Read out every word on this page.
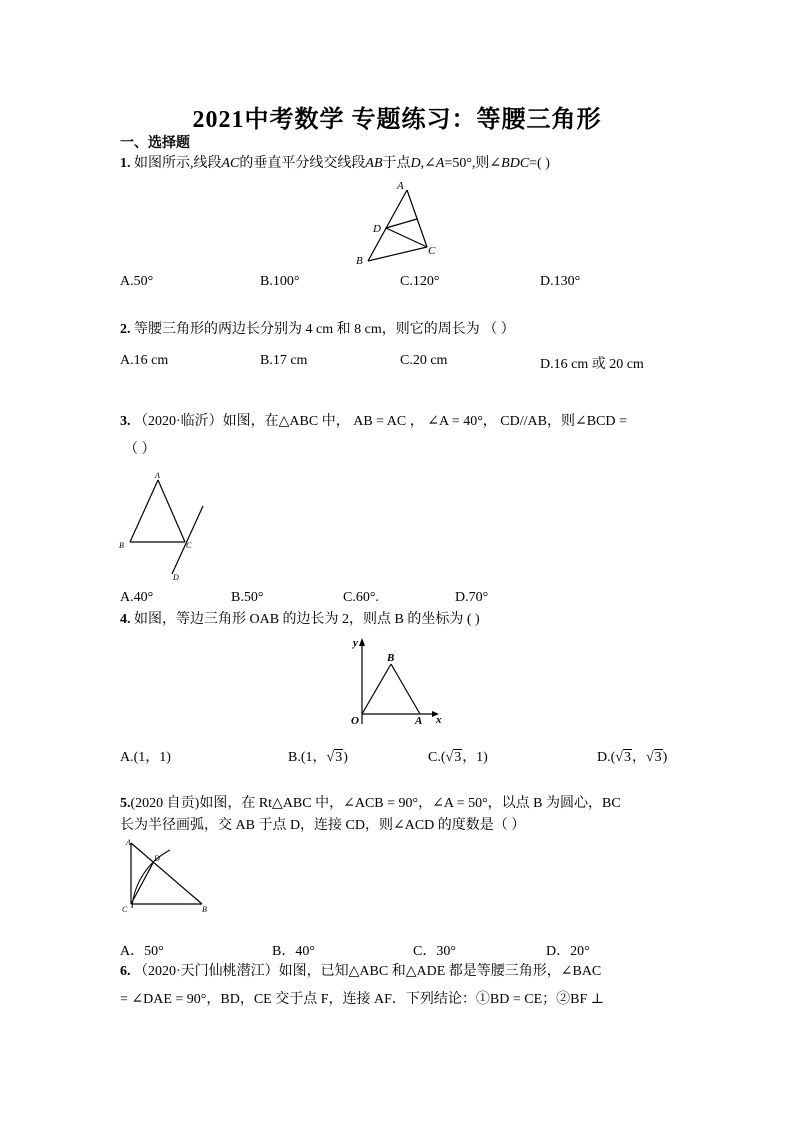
2021中考数学 专题练习：等腰三角形
一、选择题
1. 如图所示,线段AC的垂直平分线交线段AB于点D,∠A=50°,则∠BDC=( )
A
B
C
D
A.50°	B.100°	C.120°	D.130°
2. 等腰三角形的两边长分别为 4 cm 和 8 cm，则它的周长为 （ ）
A.16 cm	B.17 cm	C.20 cm	D.16 cm 或 20 cm
3. （2020·临沂）如图，在△ABC 中， AB = AC ， ∠A = 40°， CD//AB，则∠BCD =
（ ）
A
B	C
D
A.40°	B.50°	C.60°.	D.70°
4. 如图，等边三角形 OAB 的边长为 2，则点 B 的坐标为 ( )
y
B
O	A x
A.(1，1)	B.(1，√3)	C.(√3，1)	D.(√3，√3)
5.(2020 自贡)如图，在 Rt△ABC 中，∠ACB = 90°，∠A = 50°，以点 B 为圆心，BC
长为半径画弧，交 AB 于点 D，连接 CD，则∠ACD 的度数是（ ）
A
C	B
D
A．50°	B．40°	C．30°	D．20°
6. （2020·天门仙桃潜江）如图，已知△ABC 和△ADE 都是等腰三角形，∠BAC
= ∠DAE = 90°，BD，CE 交于点 F，连接 AF．下列结论：①BD = CE；②BF ⊥
